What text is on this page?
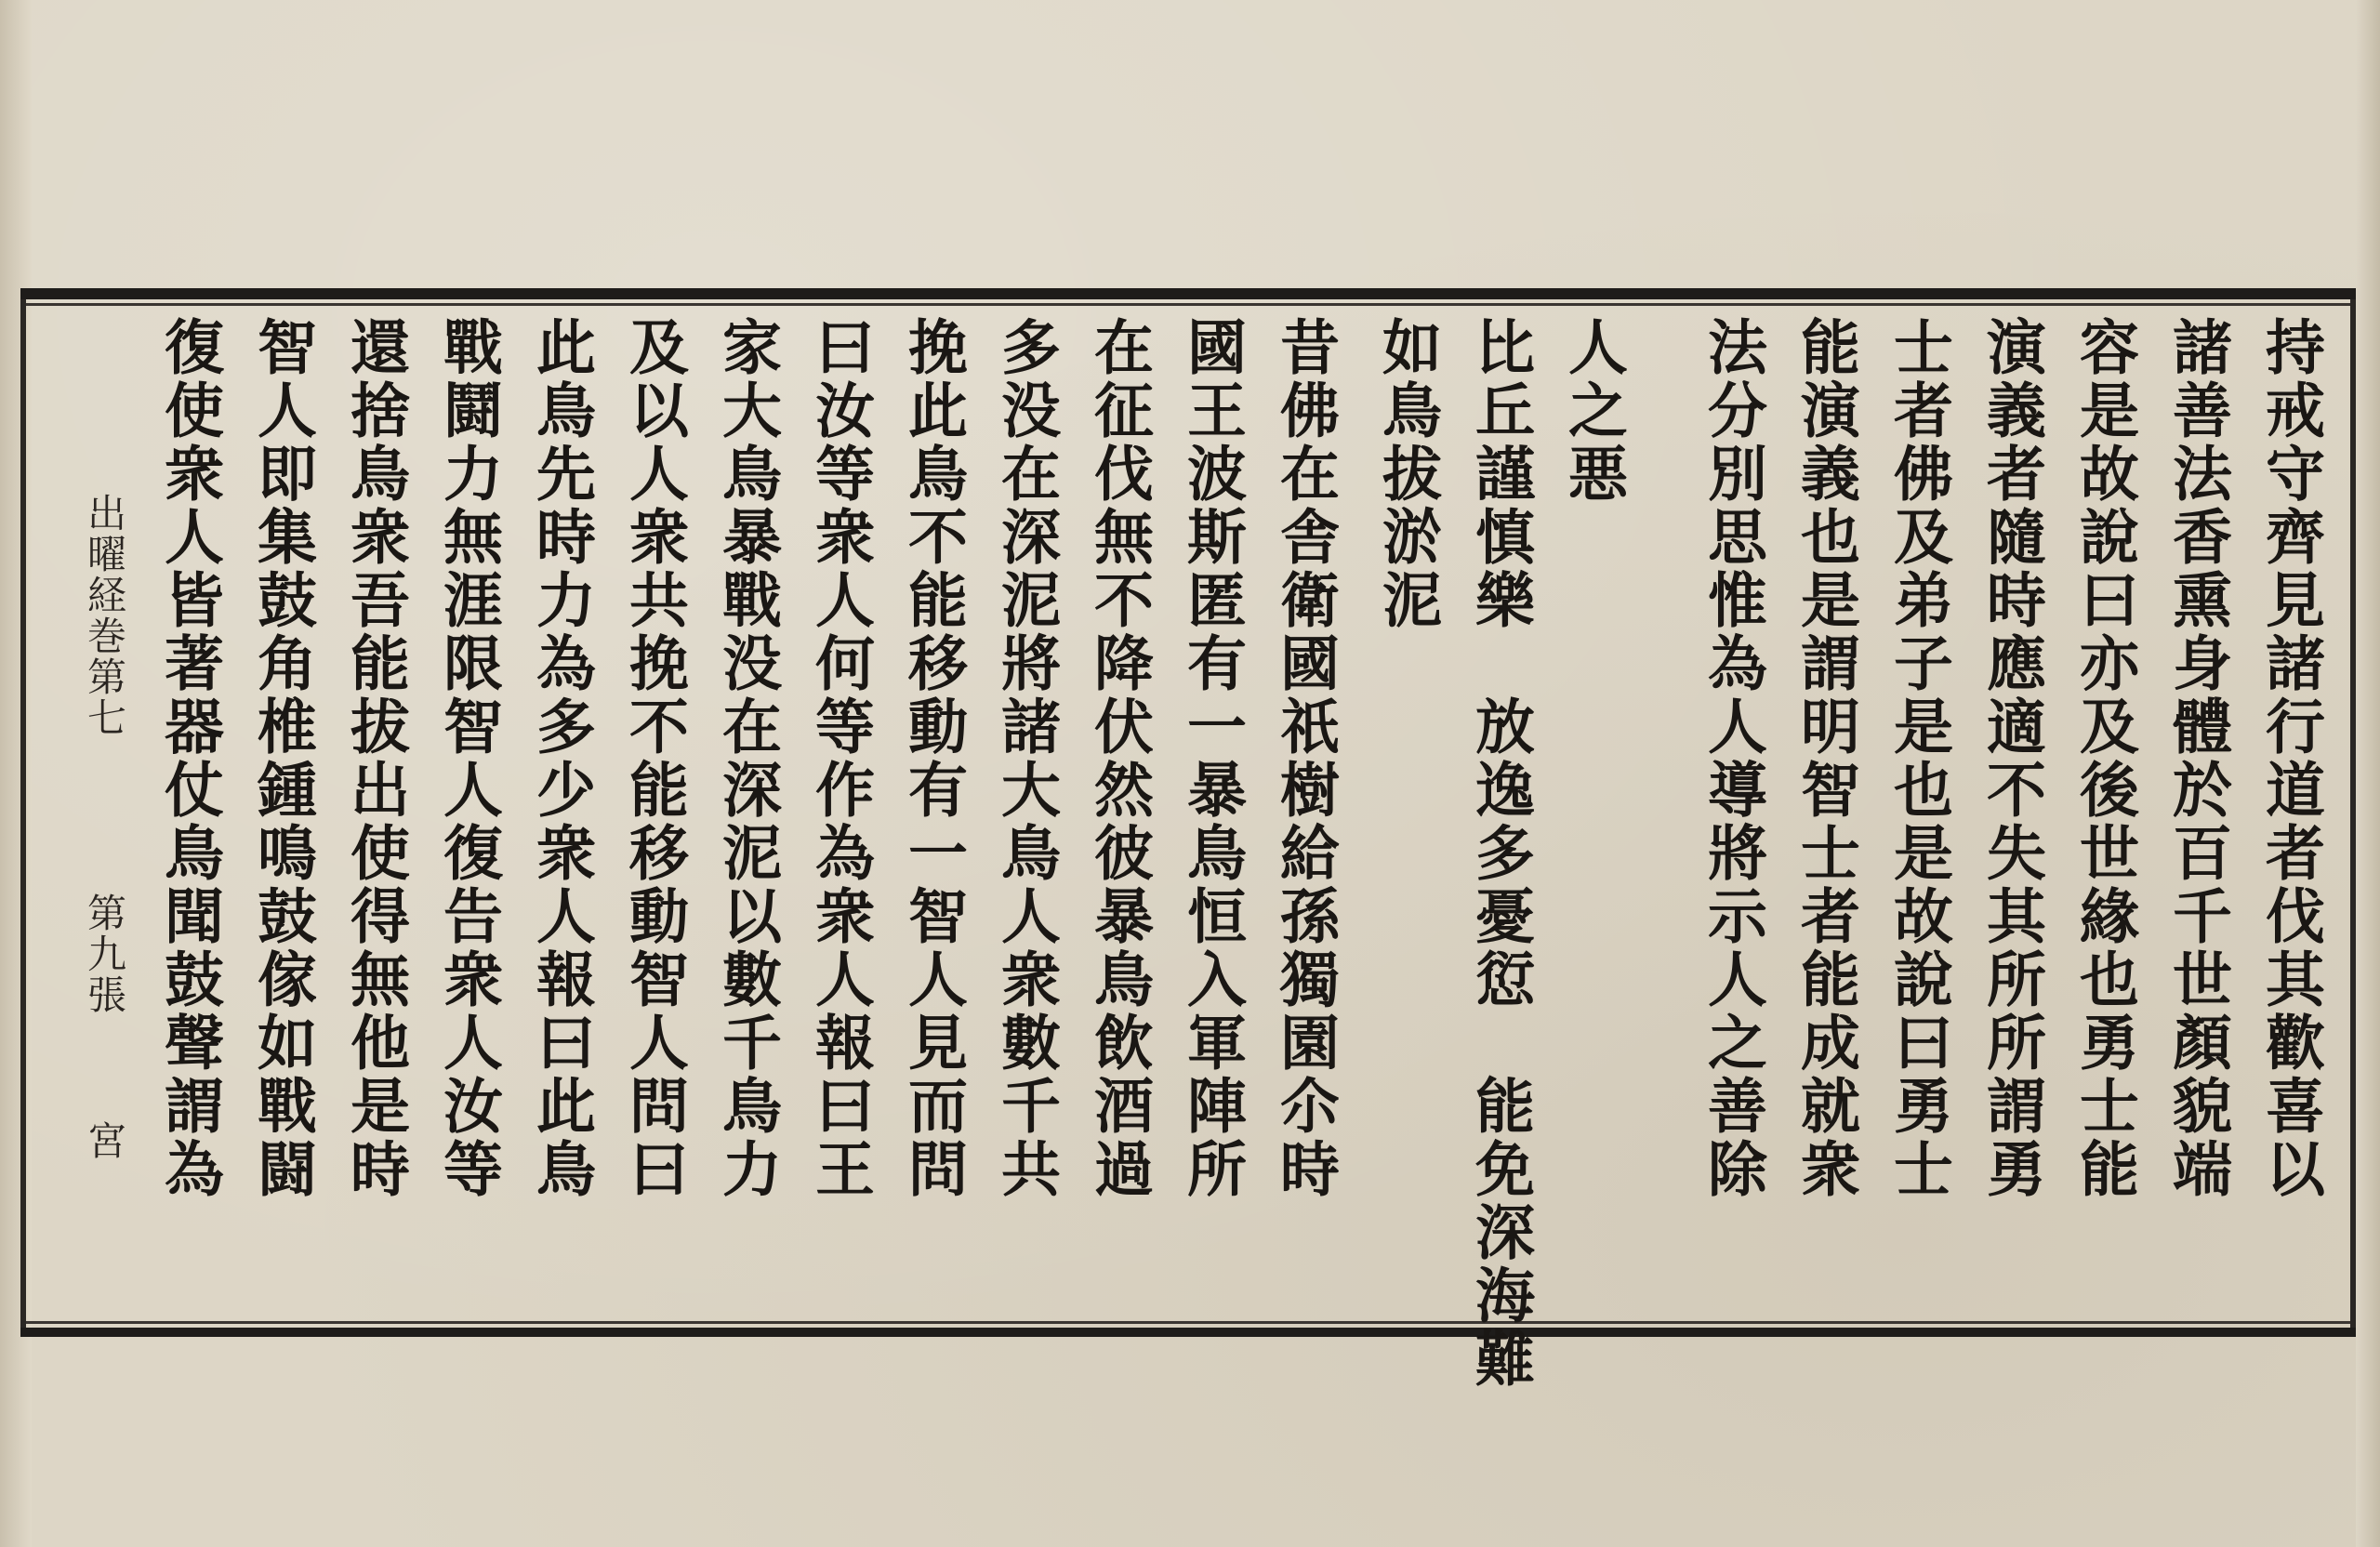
持戒守齊見諸行道者伐其歡喜以
諸善法香熏身體於百千世顏貌端
容是故說曰亦及後世緣也勇士能
演義者隨時應適不失其所所謂勇
士者佛及弟子是也是故說曰勇士
能演義也是謂明智士者能成就衆
法分別思惟為人導將示人之善除
人之悪
比丘謹慎樂　放逸多憂愆　能免深海難
如鳥拔淤泥
昔佛在舎衛國祇樹給孫獨園尒時
國王波斯匿有一暴鳥恒入軍陣所
在征伐無不降伏然彼暴鳥飲酒過
多没在深泥將諸大鳥人衆數千共
挽此鳥不能移動有一智人見而問
曰汝等衆人何等作為衆人報曰王
家大鳥暴戰没在深泥以數千鳥力
及以人衆共挽不能移動智人問曰
此鳥先時力為多少衆人報曰此鳥
戰鬪力無涯限智人復告衆人汝等
還捨鳥衆吾能拔出使得無他是時
智人即集鼓角椎鍾鳴鼓傢如戰闘
復使衆人皆著器仗鳥聞鼓聲謂為
出曜経巻第七
第九張
宮
